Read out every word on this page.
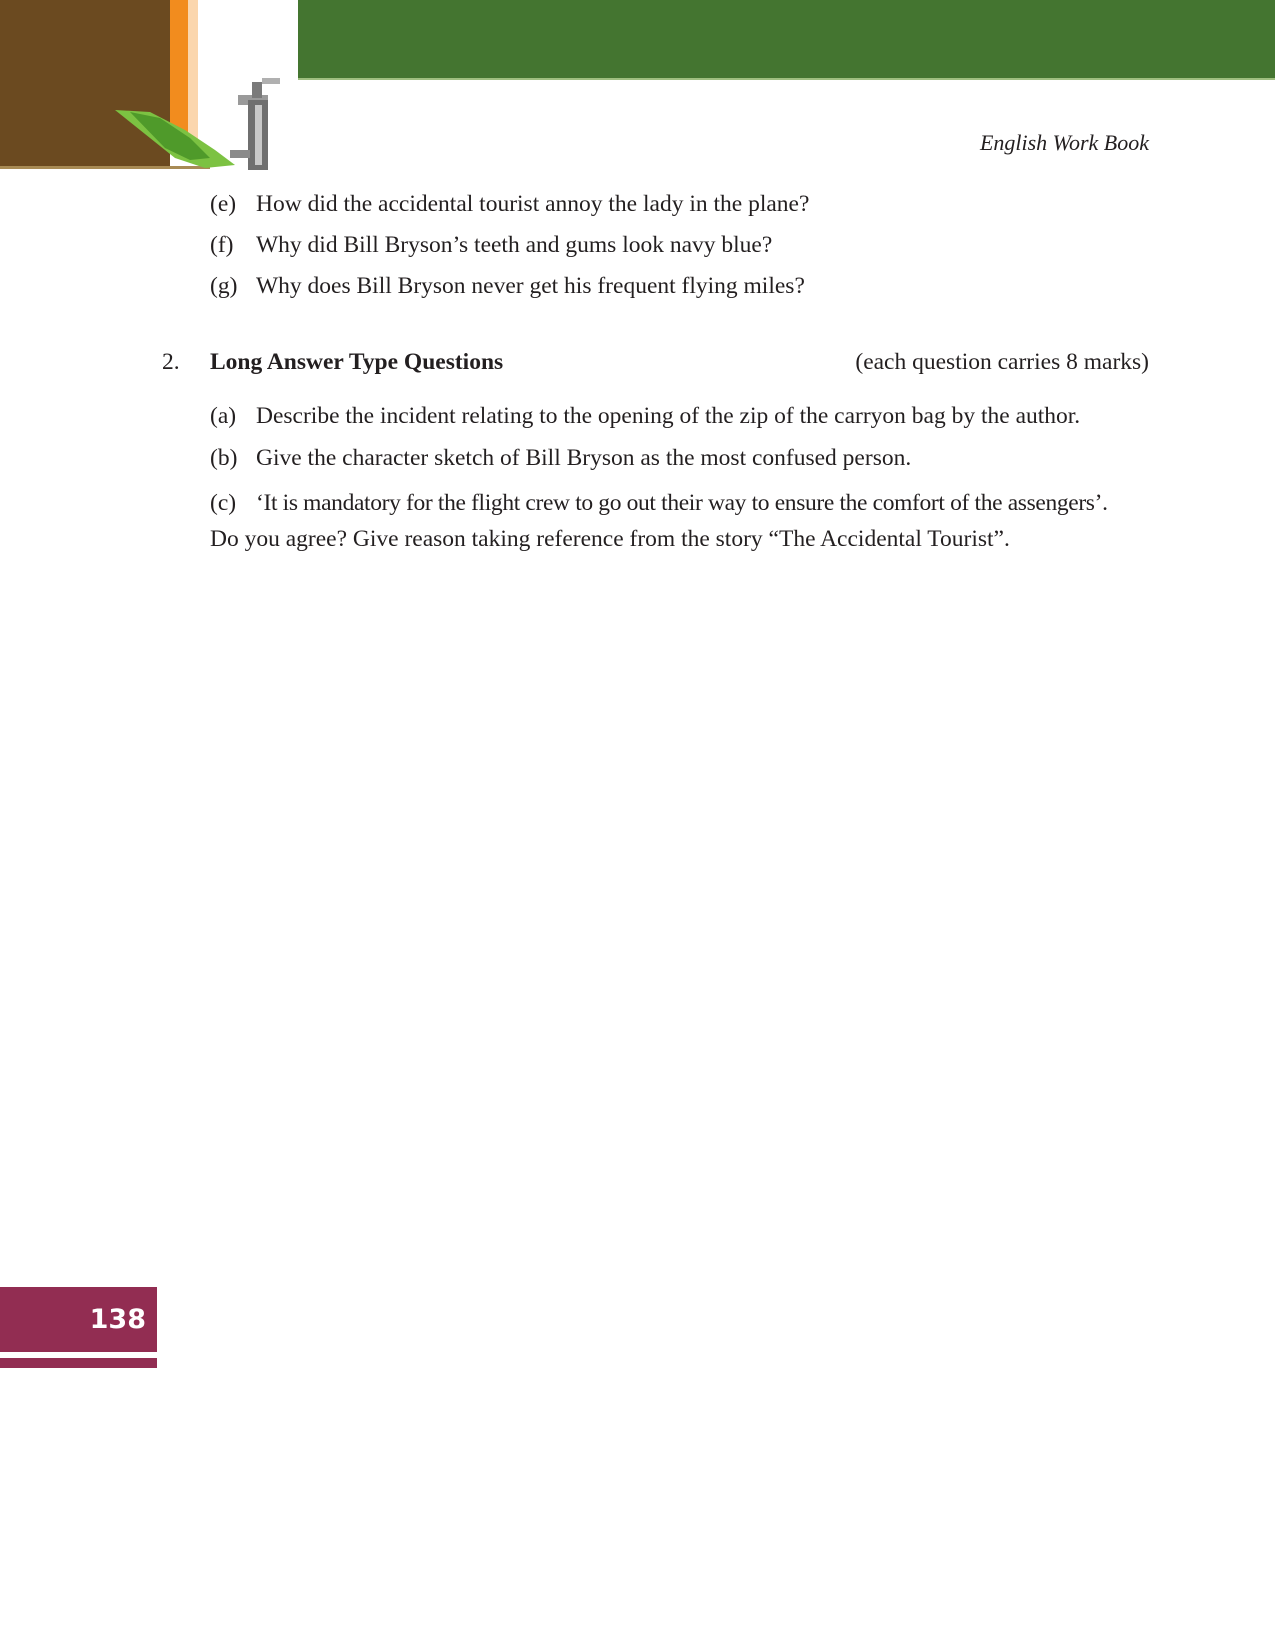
English Work Book
(e) How did the accidental tourist annoy the lady in the plane?
(f) Why did Bill Bryson’s teeth and gums look navy blue?
(g) Why does Bill Bryson never get his frequent flying miles?
2. Long Answer Type Questions	(each question carries 8 marks)
(a) Describe the incident relating to the opening of the zip of the carryon bag by the author.
(b) Give the character sketch of Bill Bryson as the most confused person.
(c) ‘It is mandatory for the flight crew to go out their way to ensure the comfort of the assengers’.
Do you agree? Give reason taking reference from the story “The Accidental Tourist”.
138
